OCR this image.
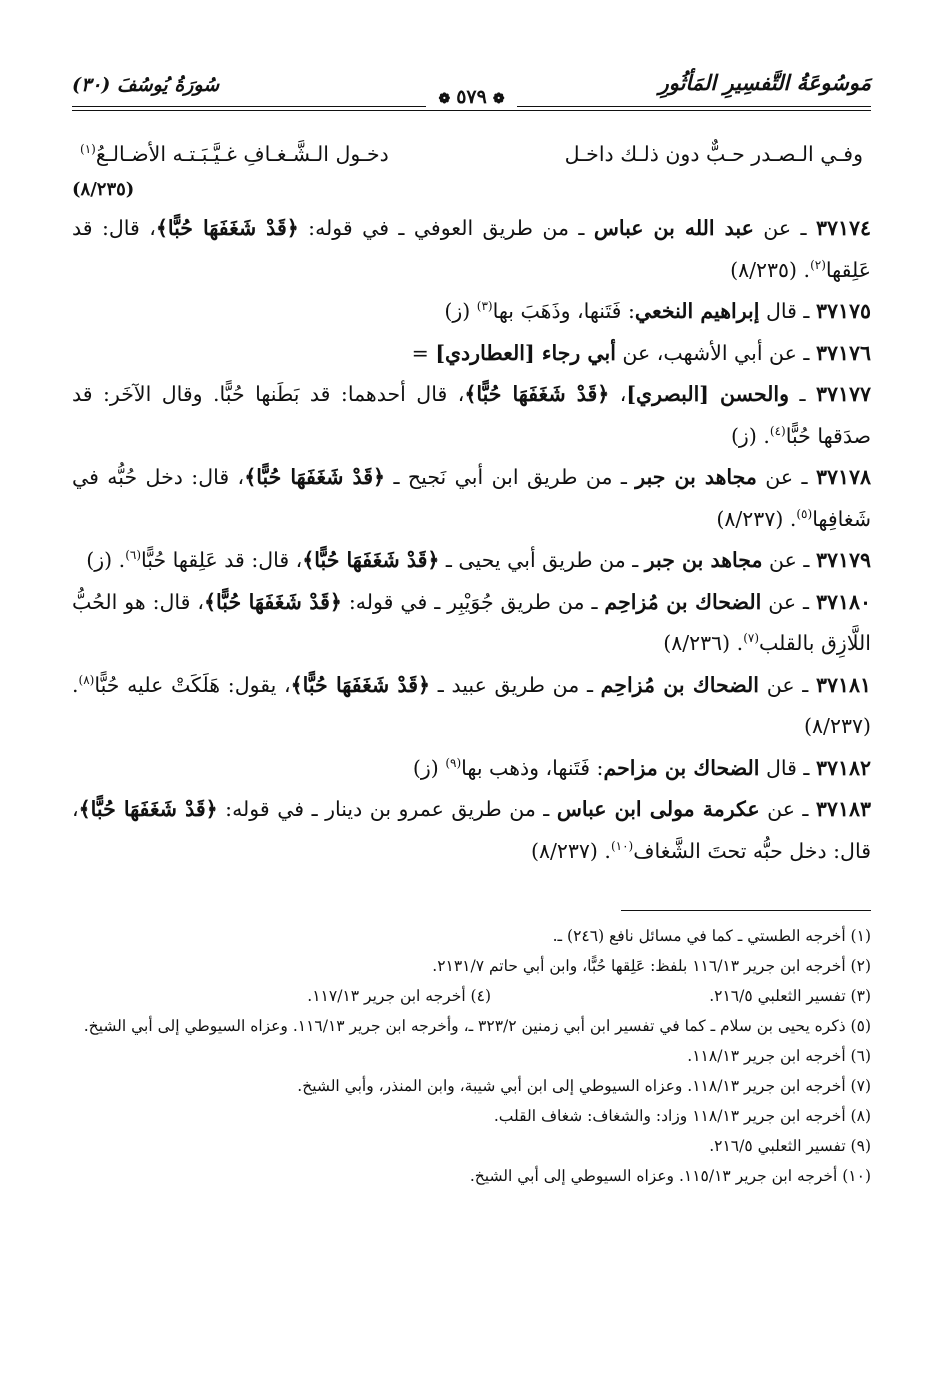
مَوسُوعَةُ التَّفسِيرِ المَأثُورِ
سُورَةُ يُوسُفَ (٣٠)
❁٥٧٩❁
وفـي الـصـدر حـبٌّ دون ذلـك داخـل
دخـول الـشَّـغـافِ غـيَّـبَـتـه الأضـالـعُ$^{(١)}$
(٨/٢٣٥)

٣٧١٧٤ ـ عن عبد الله بن عباس ـ من طريق العوفي ـ في قوله: ﴿قَدْ شَغَفَهَا حُبًّا﴾، قال: قد عَلِقها$^{(٢)}$. (٨/٢٣٥)

٣٧١٧٥ ـ قال إبراهيم النخعي: فَتَنها، وذَهَبَ بها$^{(٣)}$ (ز)

٣٧١٧٦ ـ عن أبي الأشهب، عن أبي رجاء [العطاردي] =

٣٧١٧٧ ـ والحسن [البصري]، ﴿قَدْ شَغَفَهَا حُبًّا﴾، قال أحدهما: قد بَطَنها حُبًّا. وقال الآخَر: قد صدَقها حُبًّا$^{(٤)}$. (ز)

٣٧١٧٨ ـ عن مجاهد بن جبر ـ من طريق ابن أبي نَجيح ـ ﴿قَدْ شَغَفَهَا حُبًّا﴾، قال: دخل حُبُّه في شَغافِها$^{(٥)}$. (٨/٢٣٧)

٣٧١٧٩ ـ عن مجاهد بن جبر ـ من طريق أبي يحيى ـ ﴿قَدْ شَغَفَهَا حُبًّا﴾، قال: قد عَلِقها حُبًّا$^{(٦)}$. (ز)

٣٧١٨٠ ـ عن الضحاك بن مُزاحِم ـ من طريق جُوَيْبِر ـ في قوله: ﴿قَدْ شَغَفَهَا حُبًّا﴾، قال: هو الحُبُّ اللَّازِق بالقلب$^{(٧)}$. (٨/٢٣٦)

٣٧١٨١ ـ عن الضحاك بن مُزاحِم ـ من طريق عبيد ـ ﴿قَدْ شَغَفَهَا حُبًّا﴾، يقول: هَلَكَتْ عليه حُبًّا$^{(٨)}$. (٨/٢٣٧)

٣٧١٨٢ ـ قال الضحاك بن مزاحم: فَتَنها، وذهب بها$^{(٩)}$ (ز)

٣٧١٨٣ ـ عن عكرمة مولى ابن عباس ـ من طريق عمرو بن دينار ـ في قوله: ﴿قَدْ شَغَفَهَا حُبًّا﴾، قال: دخل حبُّه تحتَ الشَّغاف$^{(١٠)}$. (٨/٢٣٧)

(١) أخرجه الطستي ـ كما في مسائل نافع (٢٤٦) ـ.

(٢) أخرجه ابن جرير ١١٦/١٣ بلفظ: عَلِقها حُبًّا، وابن أبي حاتم ٢١٣١/٧.

(٣) تفسير الثعلبي ٢١٦/٥.
(٤) أخرجه ابن جرير ١١٧/١٣.

(٥) ذكره يحيى بن سلام ـ كما في تفسير ابن أبي زمنين ٣٢٣/٢ ـ، وأخرجه ابن جرير ١١٦/١٣. وعزاه السيوطي إلى أبي الشيخ.

(٦) أخرجه ابن جرير ١١٨/١٣.

(٧) أخرجه ابن جرير ١١٨/١٣. وعزاه السيوطي إلى ابن أبي شيبة، وابن المنذر، وأبي الشيخ.

(٨) أخرجه ابن جرير ١١٨/١٣ وزاد: والشغاف: شغاف القلب.

(٩) تفسير الثعلبي ٢١٦/٥.

(١٠) أخرجه ابن جرير ١١٥/١٣. وعزاه السيوطي إلى أبي الشيخ.
